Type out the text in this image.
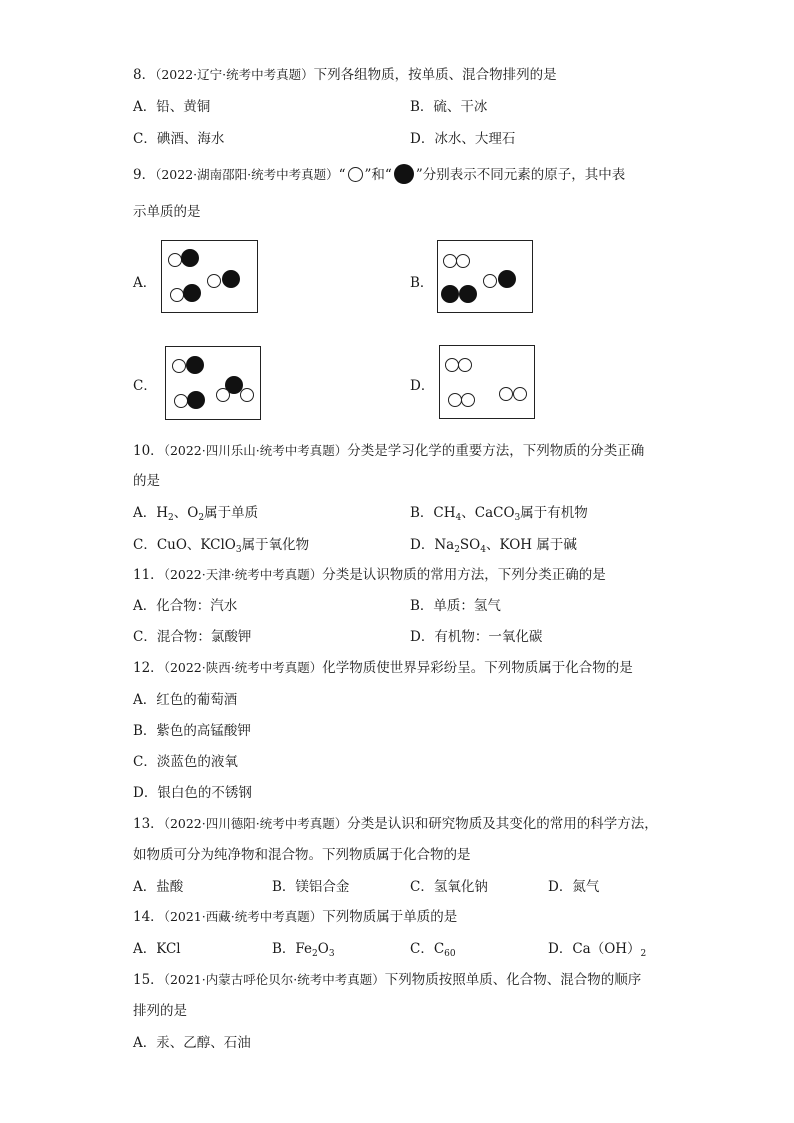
8．（2022·辽宁·统考中考真题）下列各组物质，按单质、混合物排列的是
A．铅、黄铜	B．硫、干冰
C．碘酒、海水	D．冰水、大理石
9．（2022·湖南邵阳·统考中考真题）“ ”和“ ”分别表示不同元素的原子，其中表
示单质的是
A．	B．
C．	D．
10．（2022·四川乐山·统考中考真题）分类是学习化学的重要方法，下列物质的分类正确
的是
A．$H_2$、$O_2$属于单质	B．$CH_4$、CaCO$_3$属于有机物
C．CuO、KClO$_3$属于氧化物	D．$Na_2SO_4$、KOH 属于碱
11．（2022·天津·统考中考真题）分类是认识物质的常用方法，下列分类正确的是
A．化合物：汽水	B．单质：氢气
C．混合物：氯酸钾	D．有机物：一氧化碳
12．（2022·陕西·统考中考真题）化学物质使世界异彩纷呈。下列物质属于化合物的是
A．红色的葡萄酒
B．紫色的高锰酸钾
C．淡蓝色的液氧
D．银白色的不锈钢
13．（2022·四川德阳·统考中考真题）分类是认识和研究物质及其变化的常用的科学方法，
如物质可分为纯净物和混合物。下列物质属于化合物的是
A．盐酸	B．镁铝合金	C．氢氧化钠	D．氮气
14．（2021·西藏·统考中考真题）下列物质属于单质的是
A．KCl	B．$Fe_2O_3$	C．$C_{60}$	D．$Ca(OH)_2$
15．（2021·内蒙古呼伦贝尔·统考中考真题）下列物质按照单质、化合物、混合物的顺序
排列的是
A．汞、乙醇、石油
